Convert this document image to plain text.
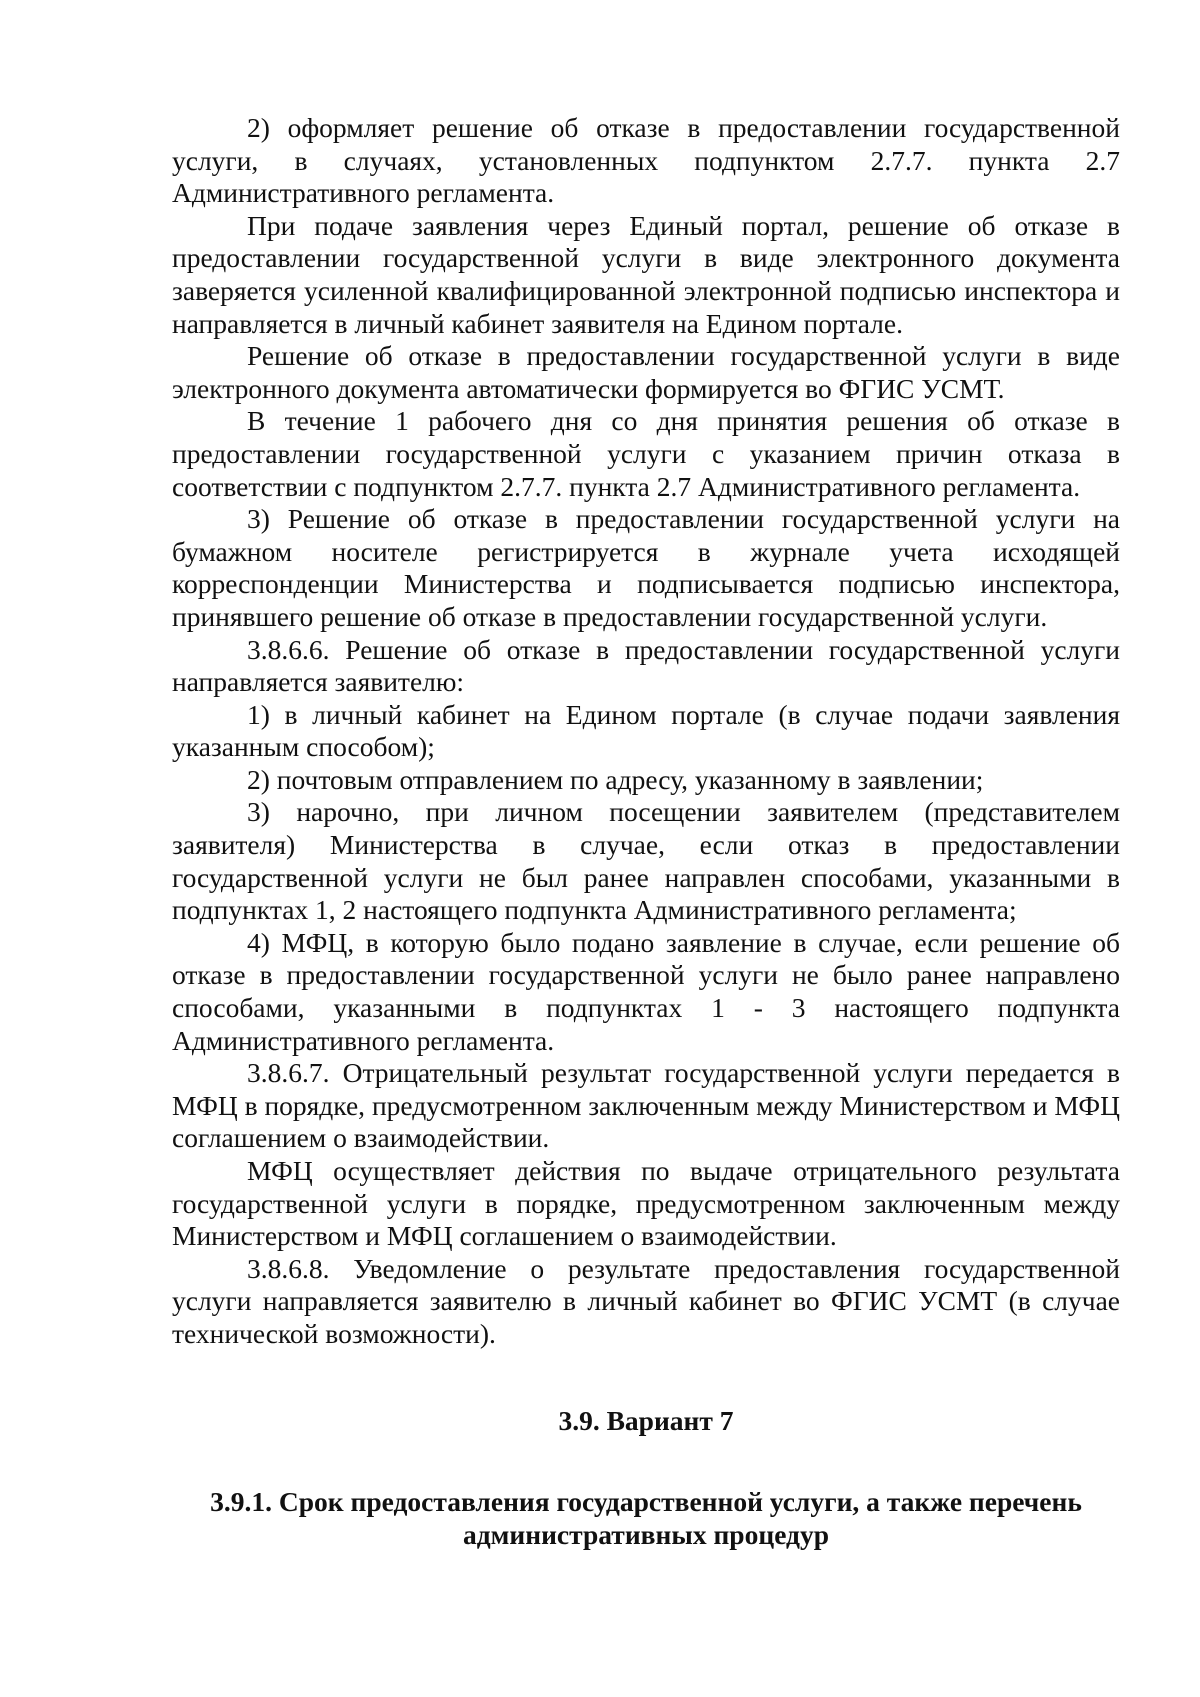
2) оформляет решение об отказе в предоставлении государственной услуги, в случаях, установленных подпунктом 2.7.7. пункта 2.7 Административного регламента.

При подаче заявления через Единый портал, решение об отказе в предоставлении государственной услуги в виде электронного документа заверяется усиленной квалифицированной электронной подписью инспектора и направляется в личный кабинет заявителя на Едином портале.

Решение об отказе в предоставлении государственной услуги в виде электронного документа автоматически формируется во ФГИС УСМТ.

В течение 1 рабочего дня со дня принятия решения об отказе в предоставлении государственной услуги с указанием причин отказа в соответствии с подпунктом 2.7.7. пункта 2.7 Административного регламента.

3) Решение об отказе в предоставлении государственной услуги на бумажном носителе регистрируется в журнале учета исходящей корреспонденции Министерства и подписывается подписью инспектора, принявшего решение об отказе в предоставлении государственной услуги.

3.8.6.6. Решение об отказе в предоставлении государственной услуги направляется заявителю:

1) в личный кабинет на Едином портале (в случае подачи заявления указанным способом);

2) почтовым отправлением по адресу, указанному в заявлении;

3) нарочно, при личном посещении заявителем (представителем заявителя) Министерства в случае, если отказ в предоставлении государственной услуги не был ранее направлен способами, указанными в подпунктах 1, 2 настоящего подпункта Административного регламента;

4) МФЦ, в которую было подано заявление в случае, если решение об отказе в предоставлении государственной услуги не было ранее направлено способами, указанными в подпунктах 1 - 3 настоящего подпункта Административного регламента.

3.8.6.7. Отрицательный результат государственной услуги передается в МФЦ в порядке, предусмотренном заключенным между Министерством и МФЦ соглашением о взаимодействии.

МФЦ осуществляет действия по выдаче отрицательного результата государственной услуги в порядке, предусмотренном заключенным между Министерством и МФЦ соглашением о взаимодействии.

3.8.6.8. Уведомление о результате предоставления государственной услуги направляется заявителю в личный кабинет во ФГИС УСМТ (в случае технической возможности).

3.9. Вариант 7

3.9.1. Срок предоставления государственной услуги, а также перечень
административных процедур
